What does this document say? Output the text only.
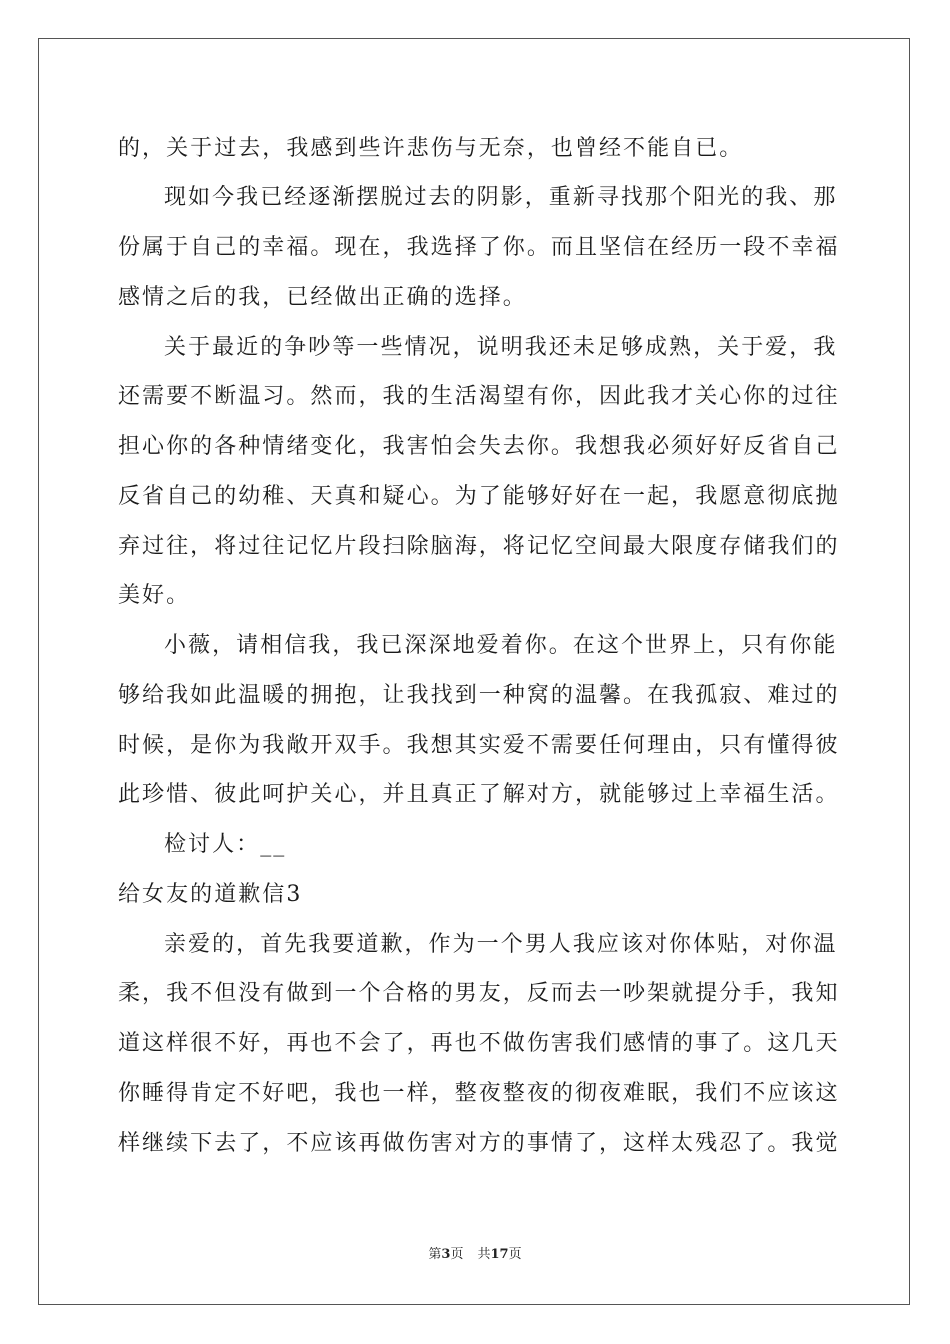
的，关于过去，我感到些许悲伤与无奈，也曾经不能自已。
现如今我已经逐渐摆脱过去的阴影，重新寻找那个阳光的我、那
份属于自己的幸福。现在，我选择了你。而且坚信在经历一段不幸福
感情之后的我，已经做出正确的选择。
关于最近的争吵等一些情况，说明我还未足够成熟，关于爱，我
还需要不断温习。然而，我的生活渴望有你，因此我才关心你的过往
担心你的各种情绪变化，我害怕会失去你。我想我必须好好反省自己
反省自己的幼稚、天真和疑心。为了能够好好在一起，我愿意彻底抛
弃过往，将过往记忆片段扫除脑海，将记忆空间最大限度存储我们的
美好。
小薇，请相信我，我已深深地爱着你。在这个世界上，只有你能
够给我如此温暖的拥抱，让我找到一种窝的温馨。在我孤寂、难过的
时候，是你为我敞开双手。我想其实爱不需要任何理由，只有懂得彼
此珍惜、彼此呵护关心，并且真正了解对方，就能够过上幸福生活。
检讨人：__
给女友的道歉信3
亲爱的，首先我要道歉，作为一个男人我应该对你体贴，对你温
柔，我不但没有做到一个合格的男友，反而去一吵架就提分手，我知
道这样很不好，再也不会了，再也不做伤害我们感情的事了。这几天
你睡得肯定不好吧，我也一样，整夜整夜的彻夜难眠，我们不应该这
样继续下去了，不应该再做伤害对方的事情了，这样太残忍了。我觉
第3页 共17页
